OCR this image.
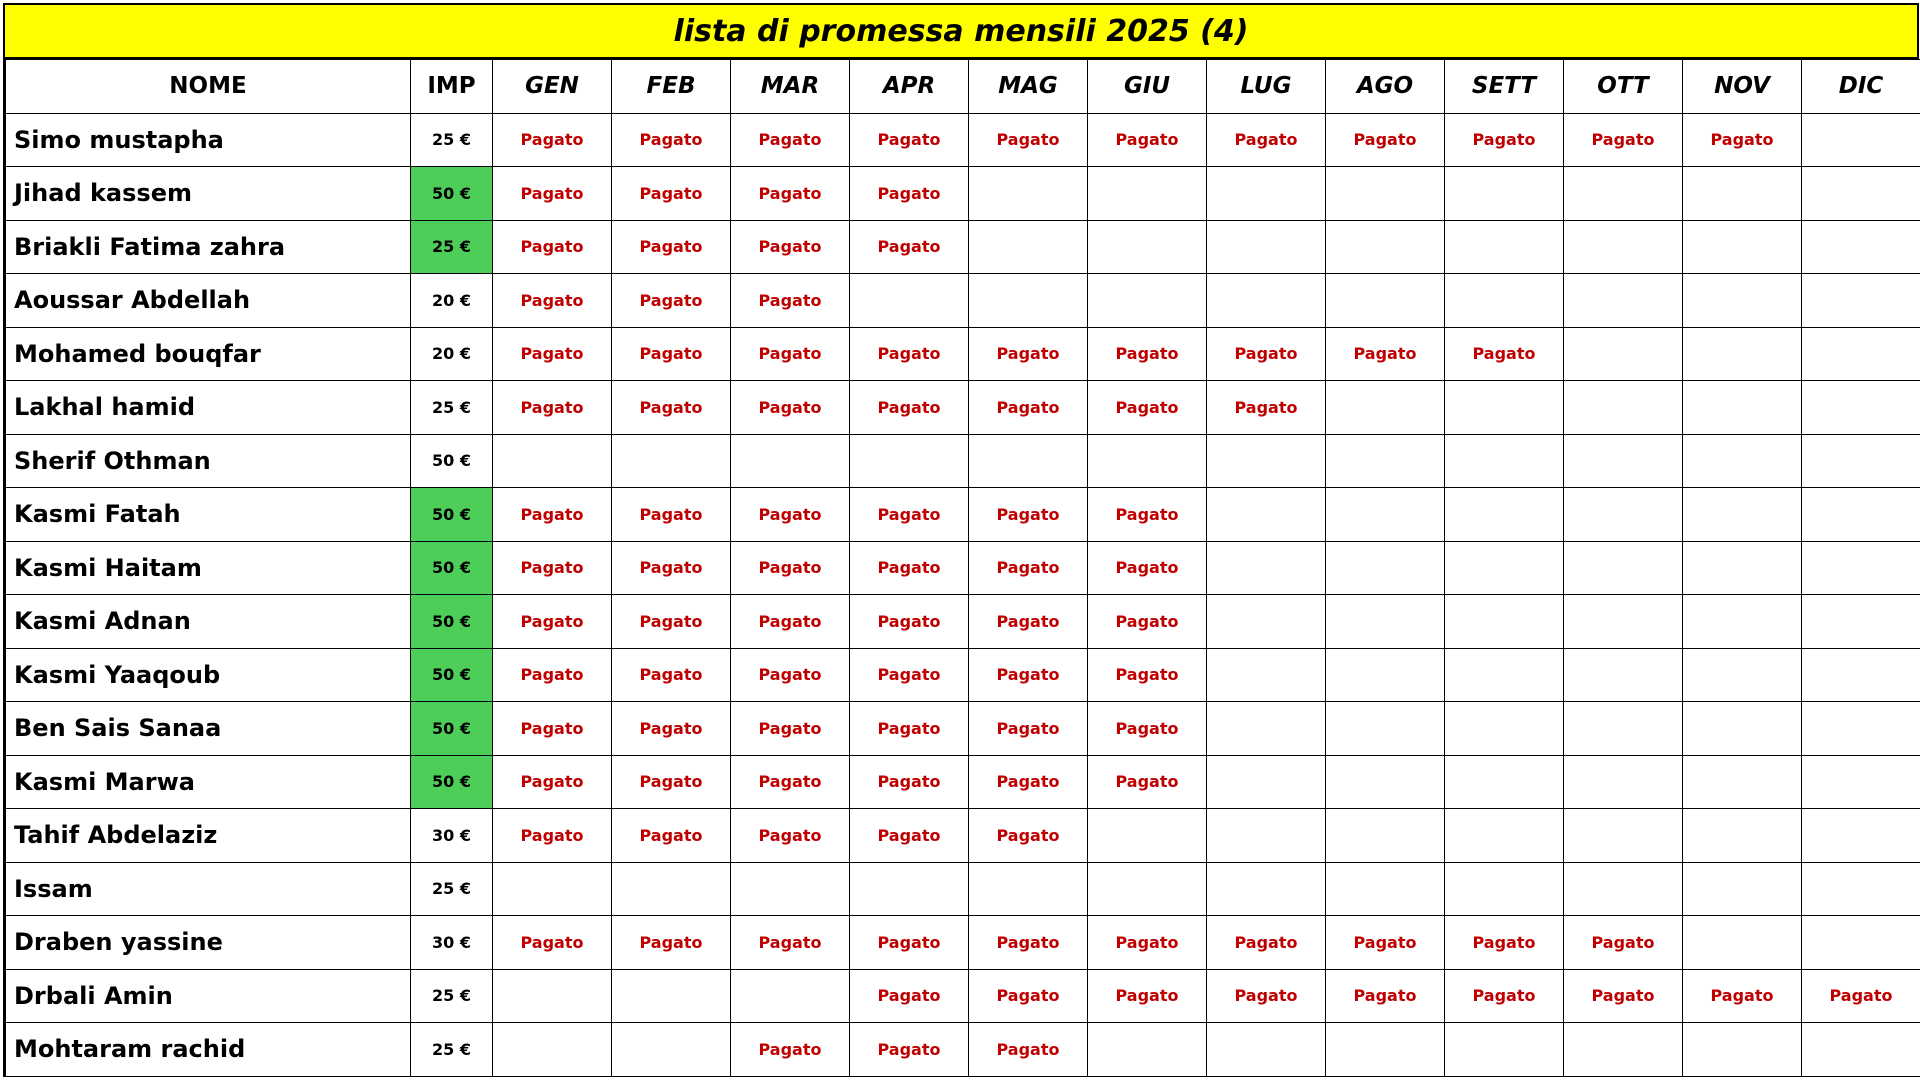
lista di promessa mensili 2025 (4)
NOME	IMP	GEN	FEB	MAR	APR	MAG	GIU	LUG	AGO	SETT	OTT	NOV	DIC
Simo mustapha	25 €	Pagato	Pagato	Pagato	Pagato	Pagato	Pagato	Pagato	Pagato	Pagato	Pagato	Pagato	
Jihad kassem	50 €	Pagato	Pagato	Pagato	Pagato								
Briakli Fatima zahra	25 €	Pagato	Pagato	Pagato	Pagato								
Aoussar Abdellah	20 €	Pagato	Pagato	Pagato									
Mohamed bouqfar	20 €	Pagato	Pagato	Pagato	Pagato	Pagato	Pagato	Pagato	Pagato	Pagato			
Lakhal hamid	25 €	Pagato	Pagato	Pagato	Pagato	Pagato	Pagato	Pagato					
Sherif Othman	50 €												
Kasmi Fatah	50 €	Pagato	Pagato	Pagato	Pagato	Pagato	Pagato						
Kasmi Haitam	50 €	Pagato	Pagato	Pagato	Pagato	Pagato	Pagato						
Kasmi Adnan	50 €	Pagato	Pagato	Pagato	Pagato	Pagato	Pagato						
Kasmi Yaaqoub	50 €	Pagato	Pagato	Pagato	Pagato	Pagato	Pagato						
Ben Sais Sanaa	50 €	Pagato	Pagato	Pagato	Pagato	Pagato	Pagato						
Kasmi Marwa	50 €	Pagato	Pagato	Pagato	Pagato	Pagato	Pagato						
Tahif Abdelaziz	30 €	Pagato	Pagato	Pagato	Pagato	Pagato							
Issam	25 €												
Draben yassine	30 €	Pagato	Pagato	Pagato	Pagato	Pagato	Pagato	Pagato	Pagato	Pagato	Pagato		
Drbali Amin	25 €				Pagato	Pagato	Pagato	Pagato	Pagato	Pagato	Pagato	Pagato	Pagato
Mohtaram rachid	25 €			Pagato	Pagato	Pagato							
